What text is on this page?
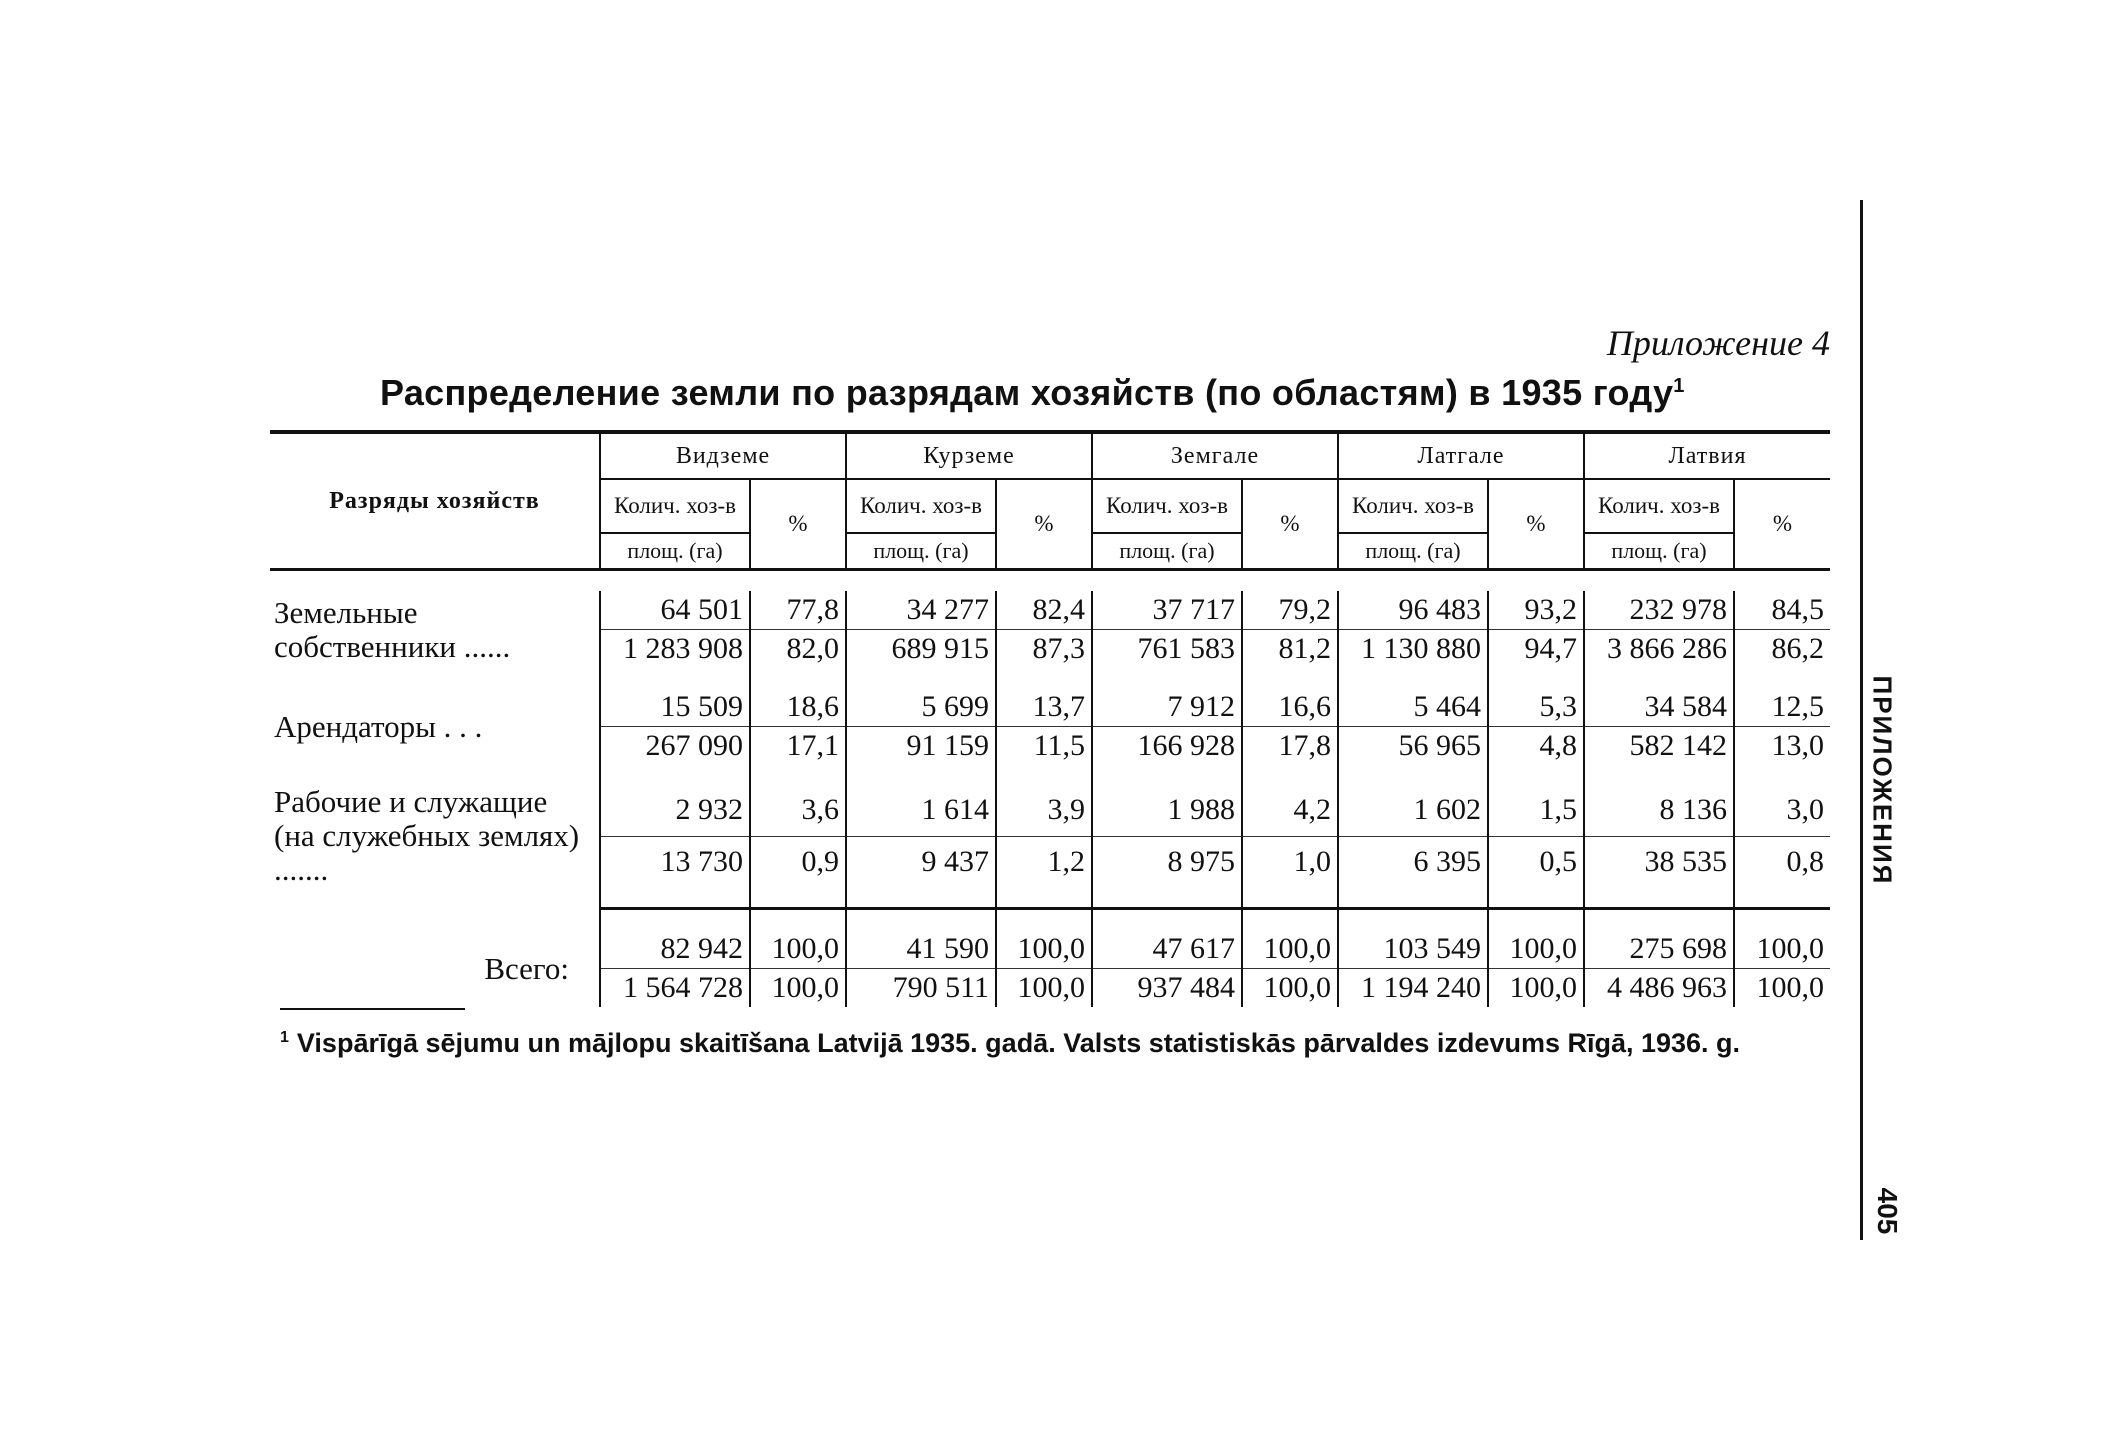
Приложение 4
Распределение земли по разрядам хозяйств (по областям) в 1935 году$^1$

Разряды хозяйств	Видземе		Курземе		Земгале		Латгале		Латвия	
	Колич. хоз-в	%	Колич. хоз-в	%	Колич. хоз-в	%	Колич. хоз-в	%	Колич. хоз-в	%
	площ. (га)		площ. (га)		площ. (га)		площ. (га)		площ. (га)	

Земельные собственники ......	64 501	77,8	34 277	82,4	37 717	79,2	96 483	93,2	232 978	84,5
	1 283 908	82,0	689 915	87,3	761 583	81,2	1 130 880	94,7	3 866 286	86,2

Арендаторы . . .	15 509	18,6	5 699	13,7	7 912	16,6	5 464	5,3	34 584	12,5
	267 090	17,1	91 159	11,5	166 928	17,8	56 965	4,8	582 142	13,0

Рабочие и служащие (на служебных землях) .......	2 932	3,6	1 614	3,9	1 988	4,2	1 602	1,5	8 136	3,0
	13 730	0,9	9 437	1,2	8 975	1,0	6 395	0,5	38 535	0,8

Всего:	82 942	100,0	41 590	100,0	47 617	100,0	103 549	100,0	275 698	100,0
	1 564 728	100,0	790 511	100,0	937 484	100,0	1 194 240	100,0	4 486 963	100,0
$^1$ Vispārīgā sējumu un mājlopu skaitīšana Latvijā 1935. gadā. Valsts statistiskās pārvaldes izdevums Rīgā, 1936. g.
ПРИЛОЖЕНИЯ
405
